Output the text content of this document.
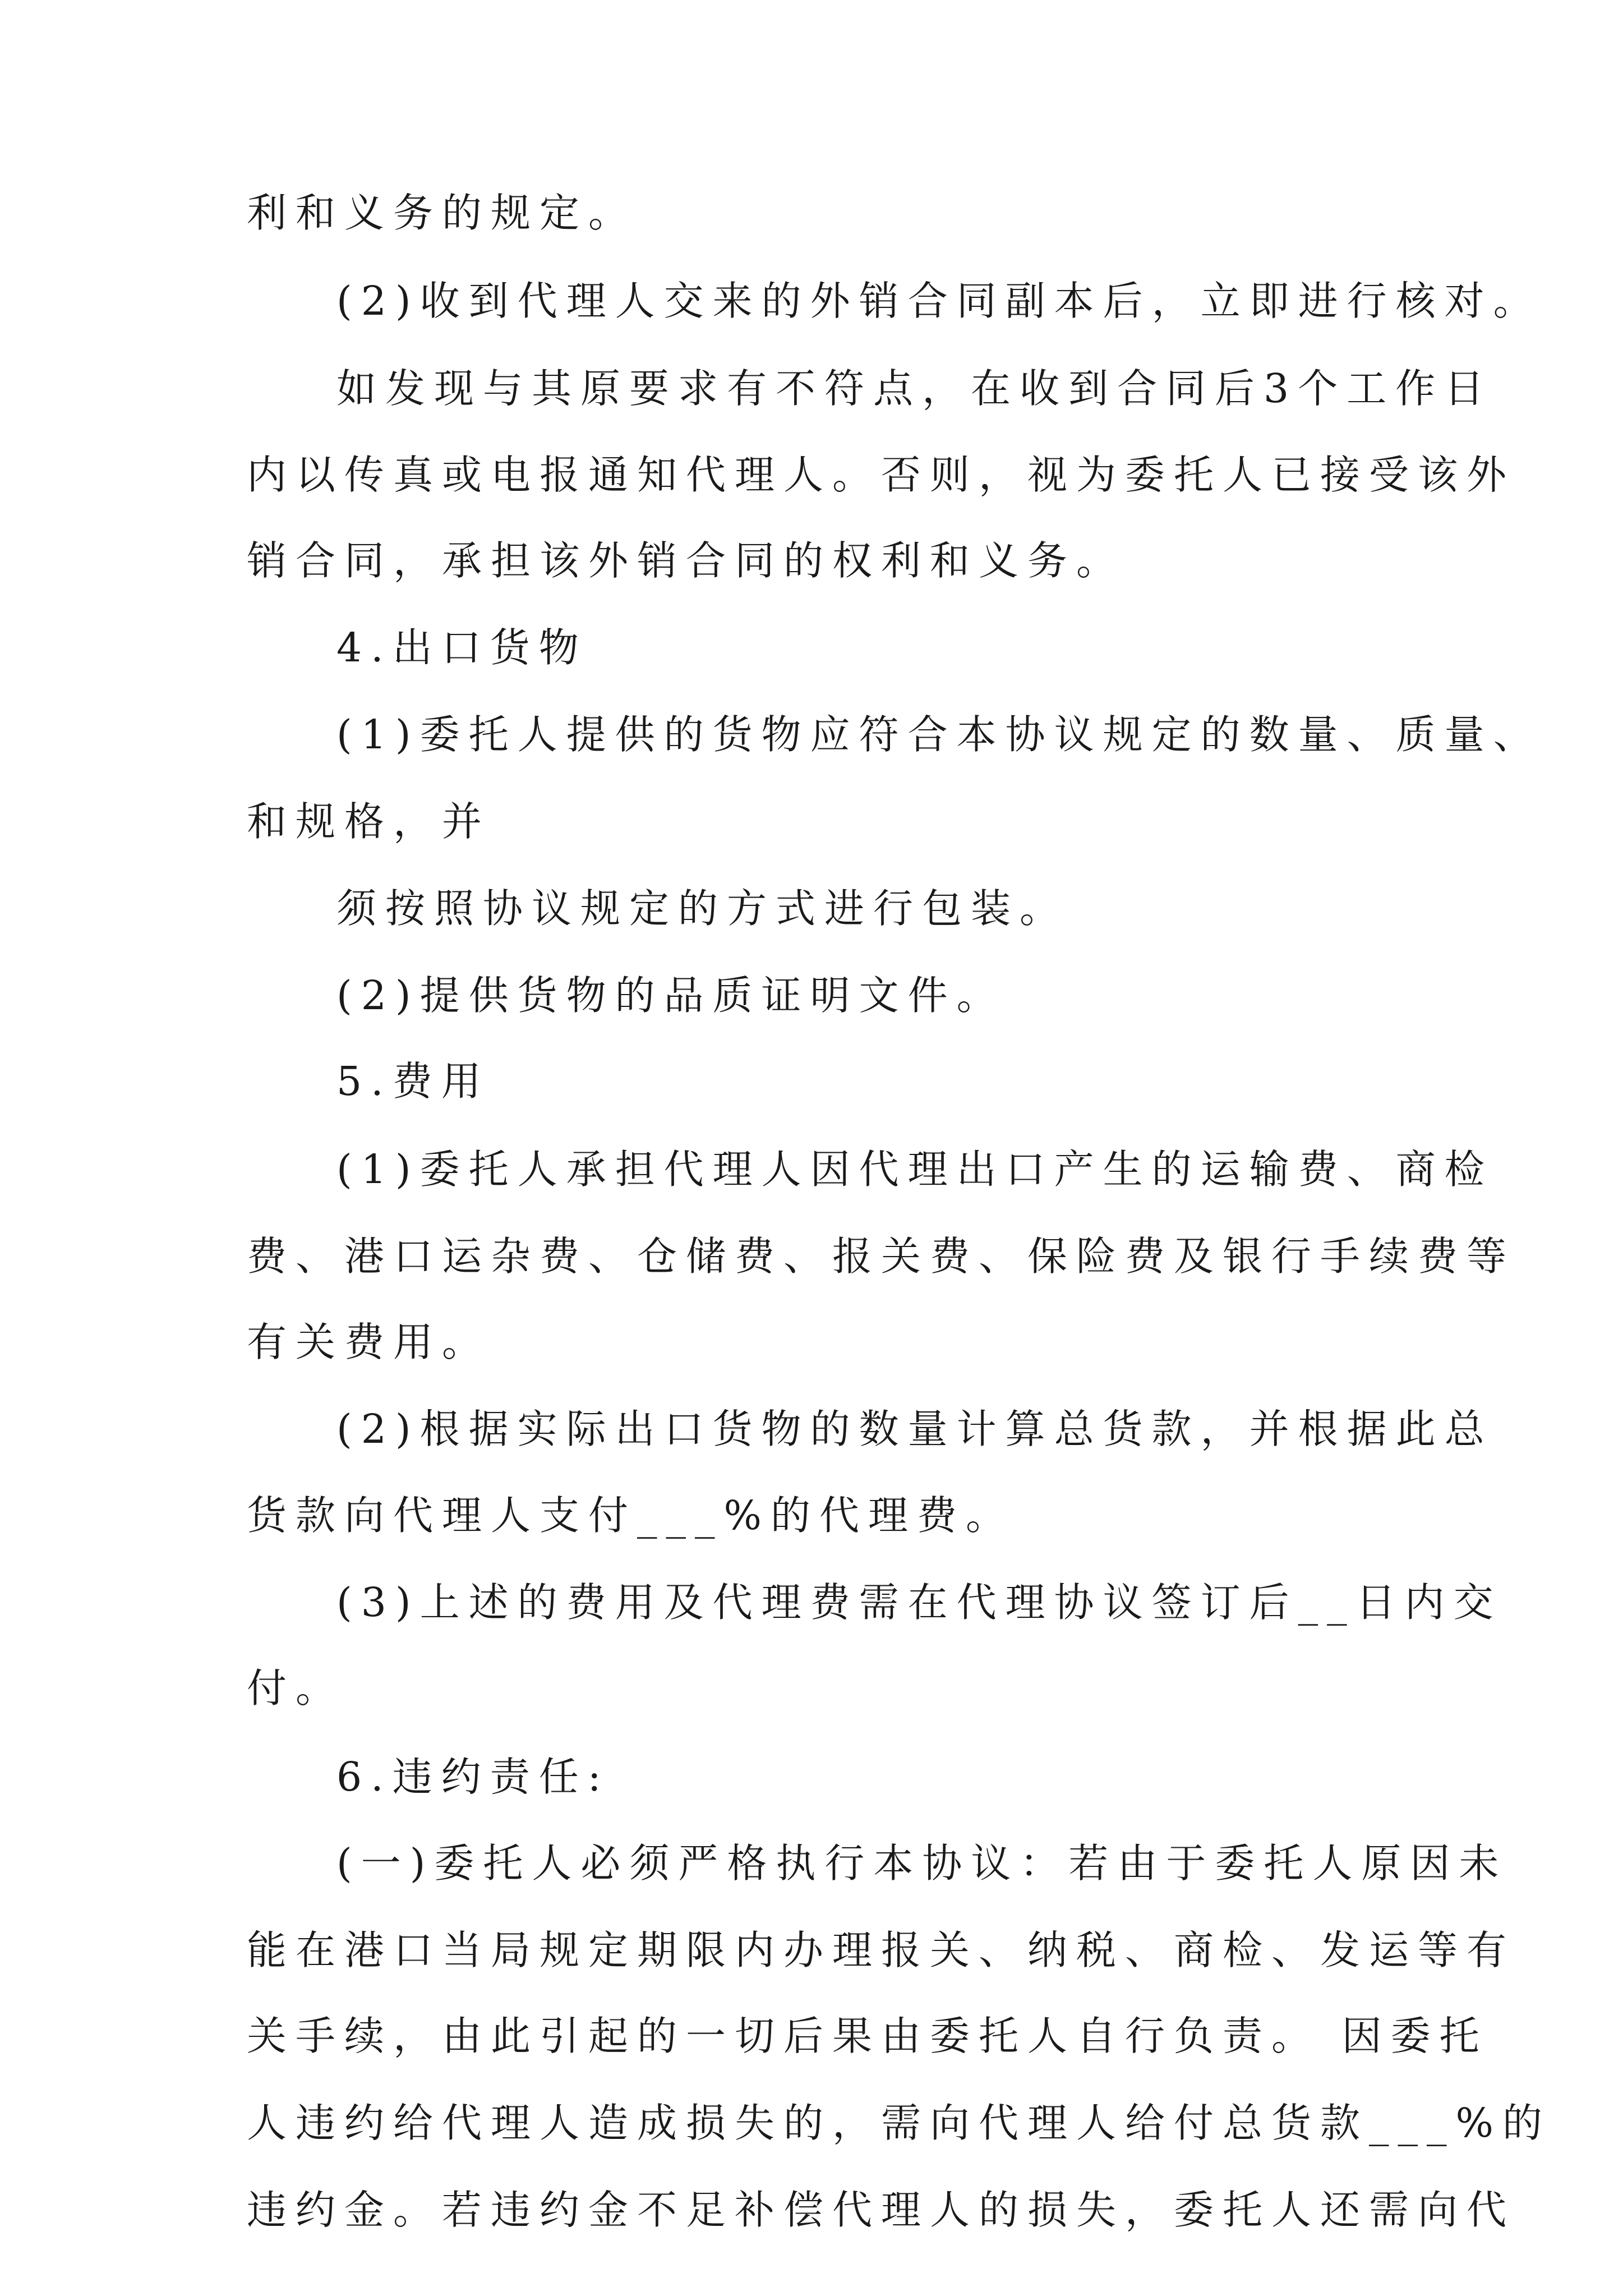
利和义务的规定。

(2)收到代理人交来的外销合同副本后，立即进行核对。

如发现与其原要求有不符点，在收到合同后3个工作日

内以传真或电报通知代理人。否则，视为委托人已接受该外

销合同，承担该外销合同的权利和义务。

4.出口货物

(1)委托人提供的货物应符合本协议规定的数量、质量、

和规格，并

须按照协议规定的方式进行包装。

(2)提供货物的品质证明文件。

5.费用

(1)委托人承担代理人因代理出口产生的运输费、商检

费、港口运杂费、仓储费、报关费、保险费及银行手续费等

有关费用。

(2)根据实际出口货物的数量计算总货款，并根据此总

货款向代理人支付___%的代理费。

(3)上述的费用及代理费需在代理协议签订后__日内交

付。

6.违约责任:

(一)委托人必须严格执行本协议：若由于委托人原因未

能在港口当局规定期限内办理报关、纳税、商检、发运等有

关手续，由此引起的一切后果由委托人自行负责。 因委托

人违约给代理人造成损失的，需向代理人给付总货款___%的

违约金。若违约金不足补偿代理人的损失，委托人还需向代
